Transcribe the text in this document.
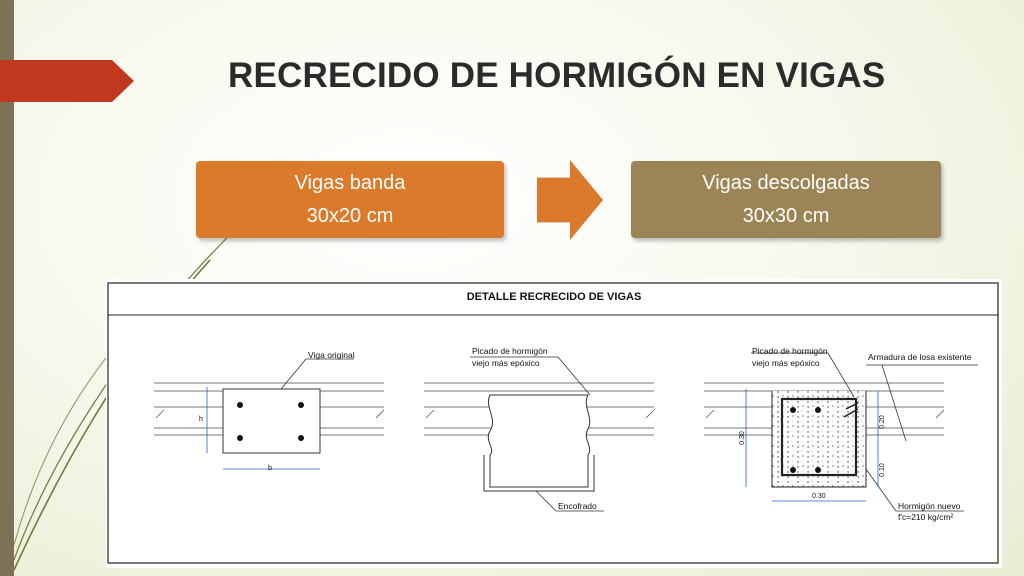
RECRECIDO DE HORMIGÓN EN VIGAS
Vigas banda
30x20 cm
Vigas descolgadas
30x30 cm
DETALLE RECRECIDO DE VIGAS
Viga original
h
b
Picado de hormigón
viejo más epóxico
Encofrado
Picado de hormigón
viejo más epóxico
Armadura de losa existente
Hormigón nuevo
f'c=210 kg/cm²
0.30
0.20
0.10
0.30
